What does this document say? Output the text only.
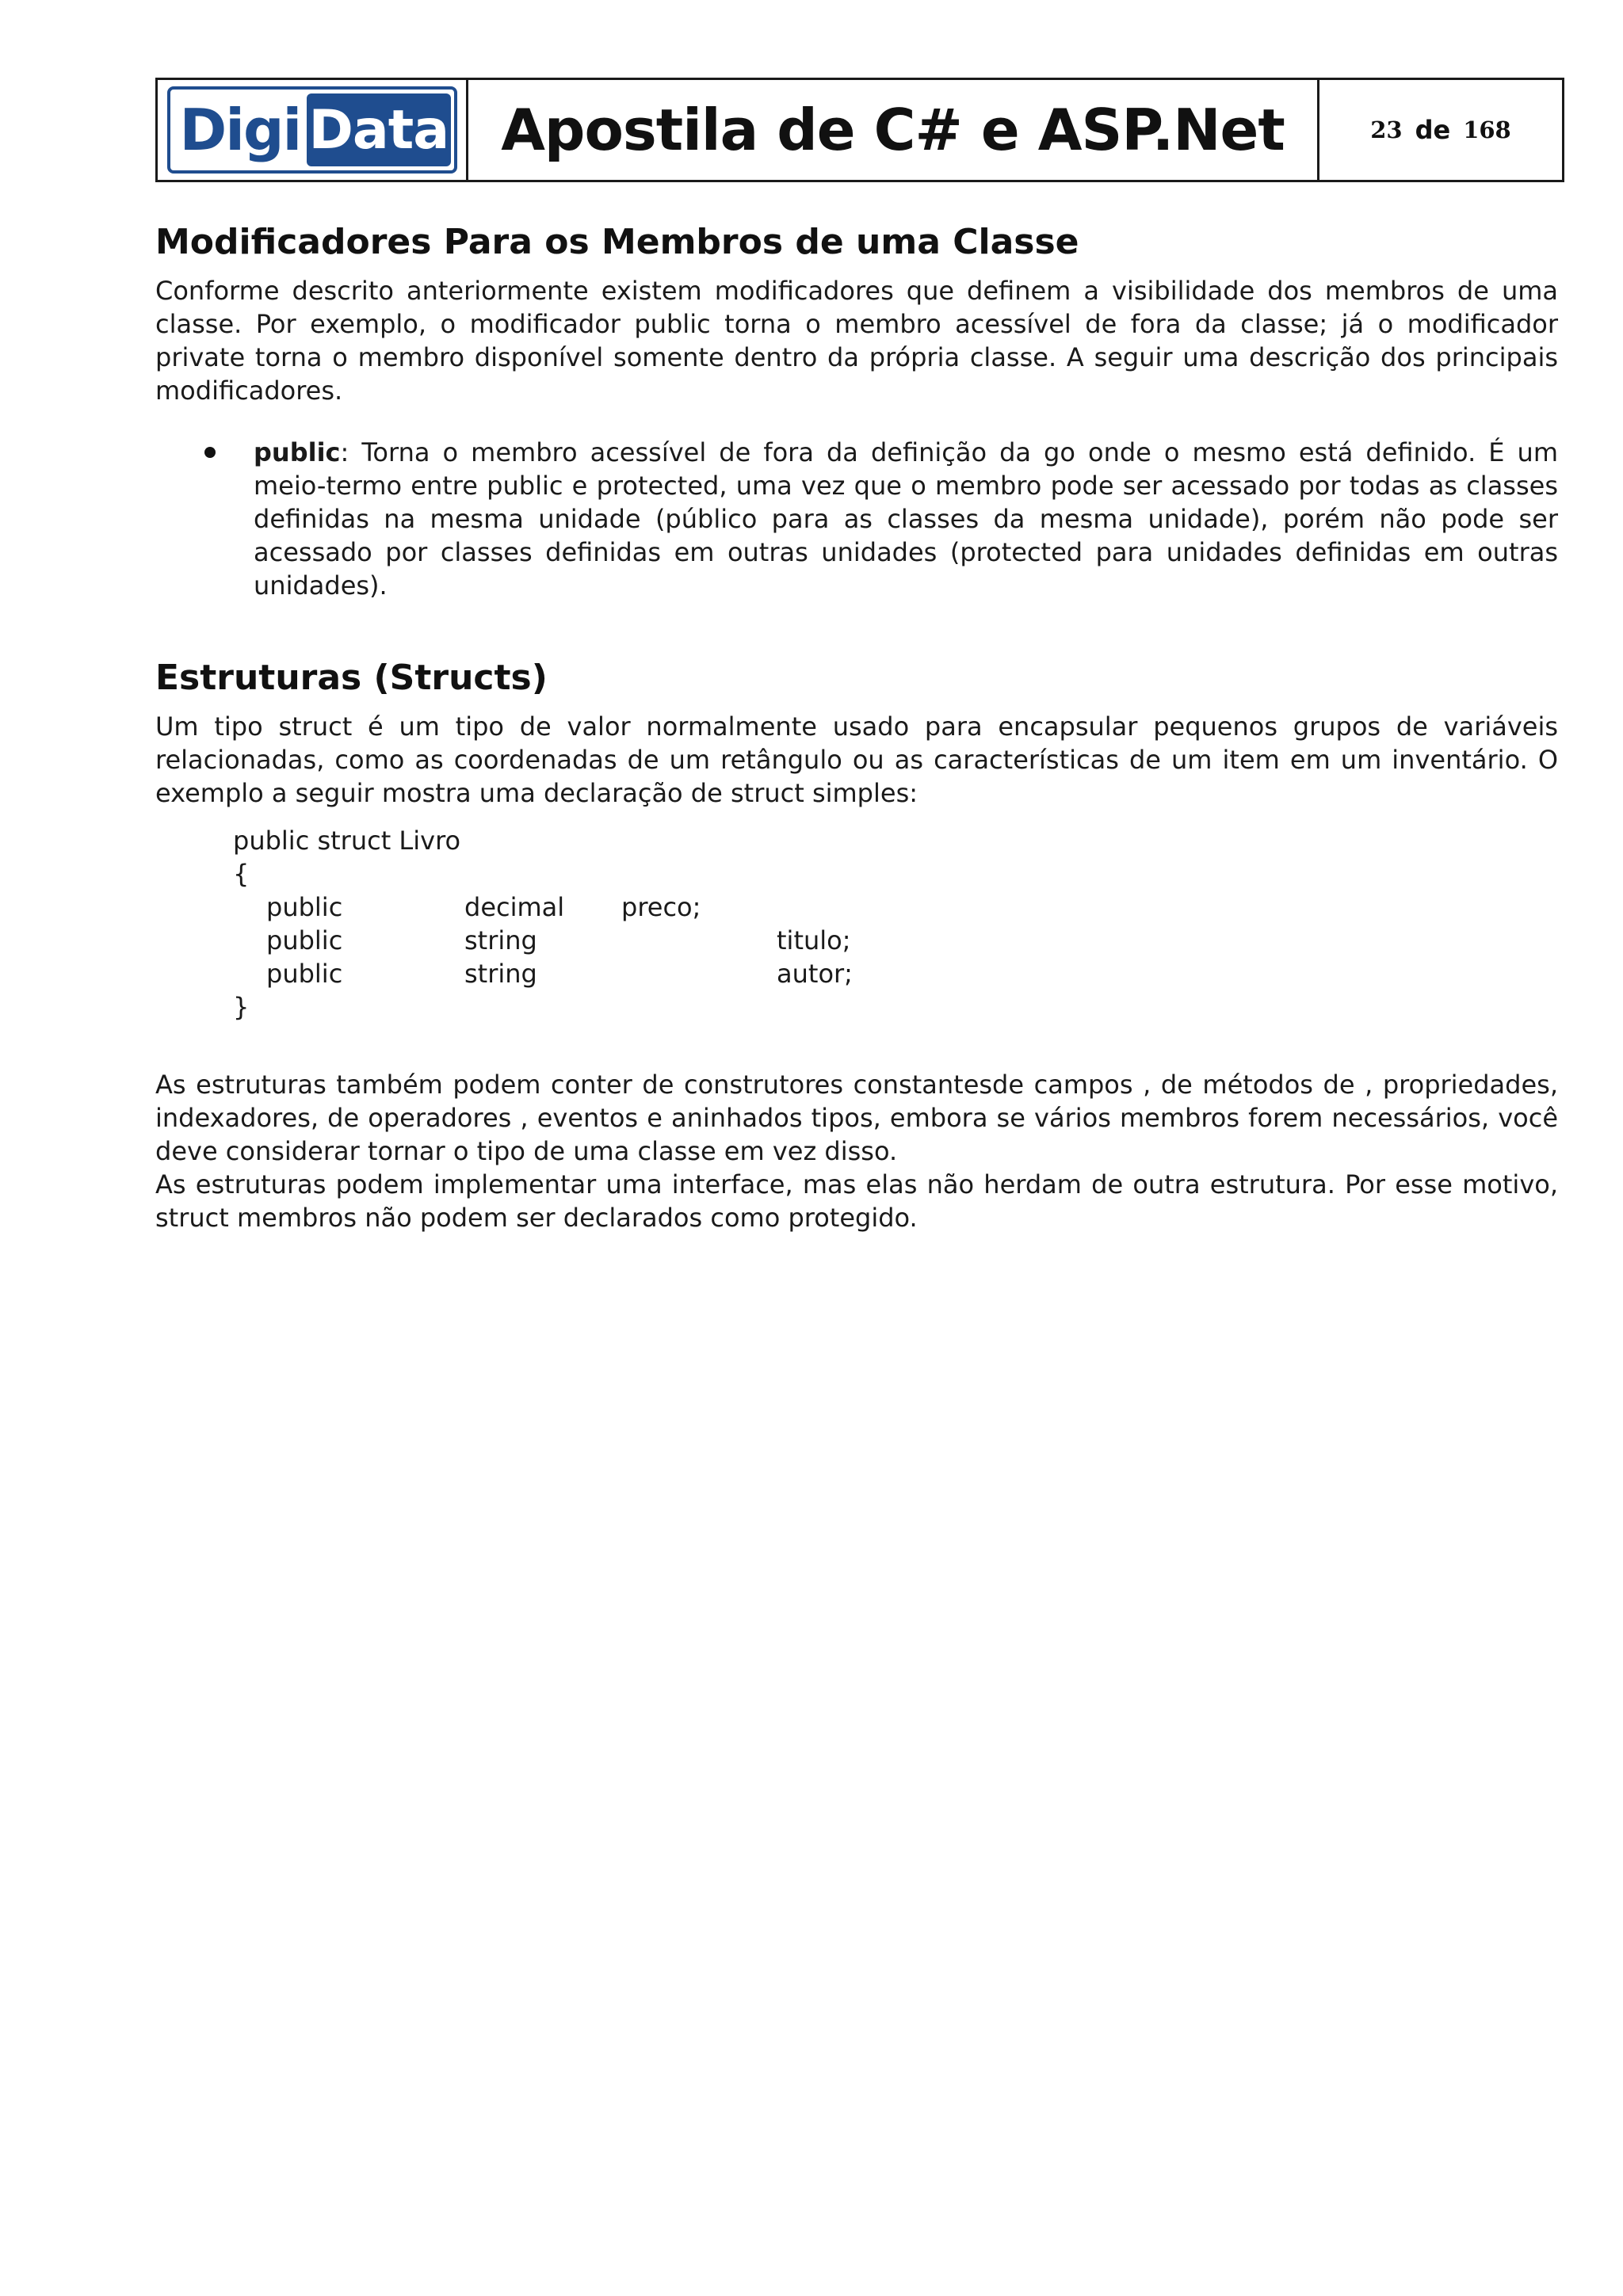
Digi Data Apostila de C# e ASP.Net	23 de 168
Modificadores Para os Membros de uma Classe

Conforme descrito anteriormente existem modificadores que definem a visibilidade dos membros de uma classe. Por exemplo, o modificador public torna o membro acessível de fora da classe; já o modificador private torna o membro disponível somente dentro da própria classe. A seguir uma descrição dos principais modificadores.

public: Torna o membro acessível de fora da definição da go onde o mesmo está definido. É um meio-termo entre public e protected, uma vez que o membro pode ser acessado por todas as classes definidas na mesma unidade (público para as classes da mesma unidade), porém não pode ser acessado por classes definidas em outras unidades (protected para unidades definidas em outras unidades).
Estruturas (Structs)

Um tipo struct é um tipo de valor normalmente usado para encapsular pequenos grupos de variáveis relacionadas, como as coordenadas de um retângulo ou as características de um item em um inventário. O exemplo a seguir mostra uma declaração de struct simples:

public struct Livro
{
public	decimal preco;
public	string	titulo;
public	string	autor;
}

As estruturas também podem conter de construtores constantesde campos , de métodos de , propriedades, indexadores, de operadores , eventos e aninhados tipos, embora se vários membros forem necessários, você deve considerar tornar o tipo de uma classe em vez disso.

As estruturas podem implementar uma interface, mas elas não herdam de outra estrutura. Por esse motivo, struct membros não podem ser declarados como protegido.
